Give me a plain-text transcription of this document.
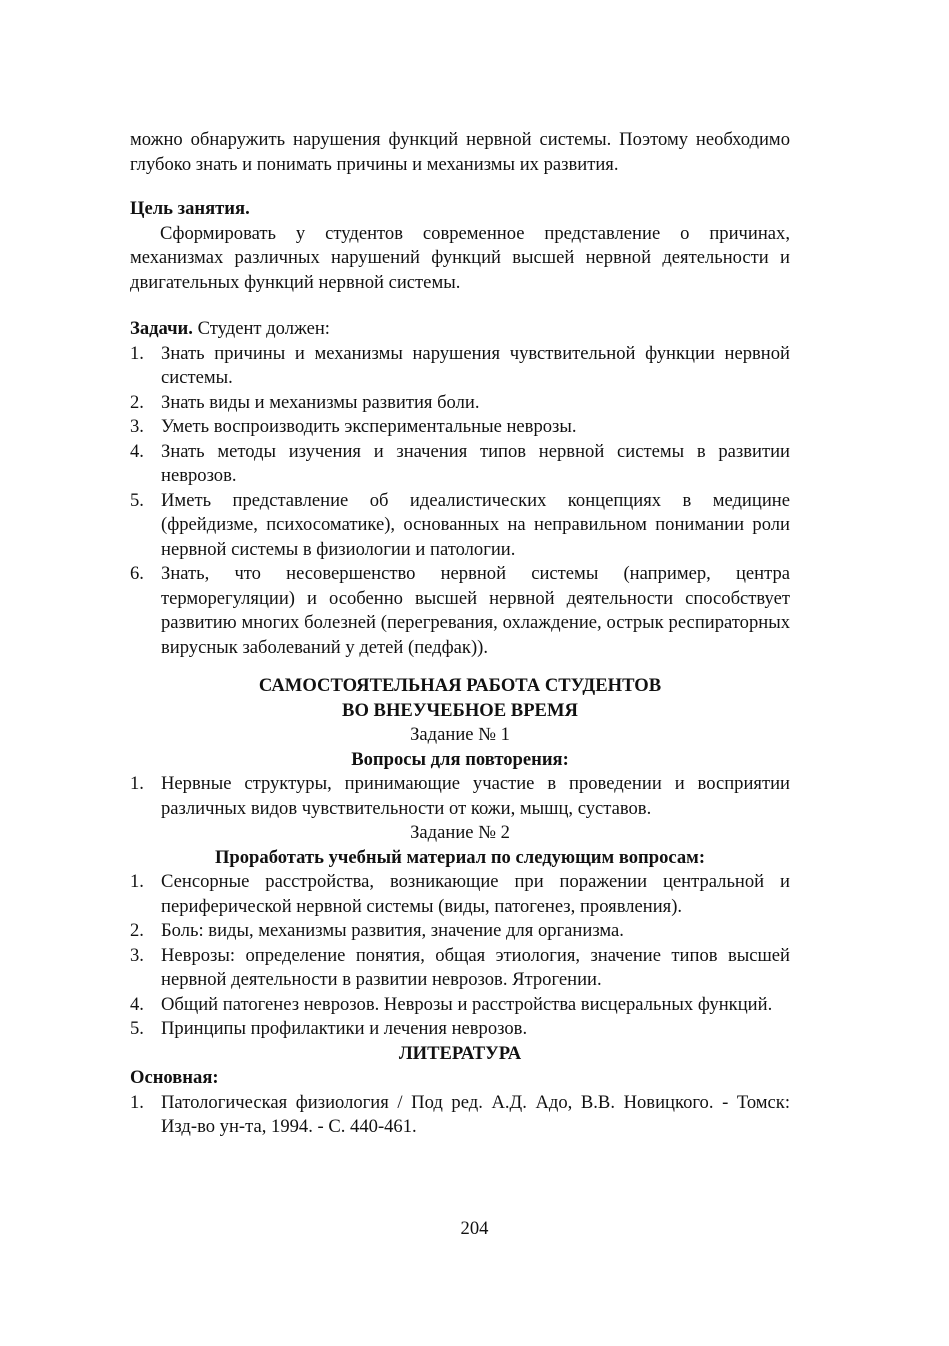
можно обнаружить нарушения функций нервной системы. Поэтому необходимо глубоко знать и понимать причины и механизмы их развития.

Цель занятия.

Сформировать у студентов современное представление о причинах, механизмах различных нарушений функций высшей нервной деятельности и двигательных функций нервной системы.

Задачи. Студент должен:

1. Знать причины и механизмы нарушения чувствительной функции нервной системы.
2. Знать виды и механизмы развития боли.
3. Уметь воспроизводить экспериментальные неврозы.
4. Знать методы изучения и значения типов нервной системы в развитии неврозов.
5. Иметь представление об идеалистических концепциях в медицине (фрейдизме, психосоматике), основанных на неправильном понимании роли нервной системы в физиологии и патологии.
6. Знать, что несовершенство нервной системы (например, центра терморегуляции) и особенно высшей нервной деятельности способствует развитию многих болезней (перегревания, охлаждение, острык респираторных вируснык заболеваний у детей (педфак)).

САМОСТОЯТЕЛЬНАЯ РАБОТА СТУДЕНТОВ

ВО ВНЕУЧЕБНОЕ ВРЕМЯ

Задание № 1

Вопросы для повторения:

1. Нервные структуры, принимающие участие в проведении и восприятии различных видов чувствительности от кожи, мышц, суставов.

Задание № 2

Проработать учебный материал по следующим вопросам:

1. Сенсорные расстройства, возникающие при поражении центральной и периферической нервной системы (виды, патогенез, проявления).
2. Боль: виды, механизмы развития, значение для организма.
3. Неврозы: определение понятия, общая этиология, значение типов высшей нервной деятельности в развитии неврозов. Ятрогении.
4. Общий патогенез неврозов. Неврозы и расстройства висцеральных функций.
5. Принципы профилактики и лечения неврозов.

ЛИТЕРАТУРА

Основная:

1. Патологическая физиология / Под ред. А.Д. Адо, В.В. Новицкого. - Томск: Изд-во ун-та, 1994. - С. 440-461.
204
